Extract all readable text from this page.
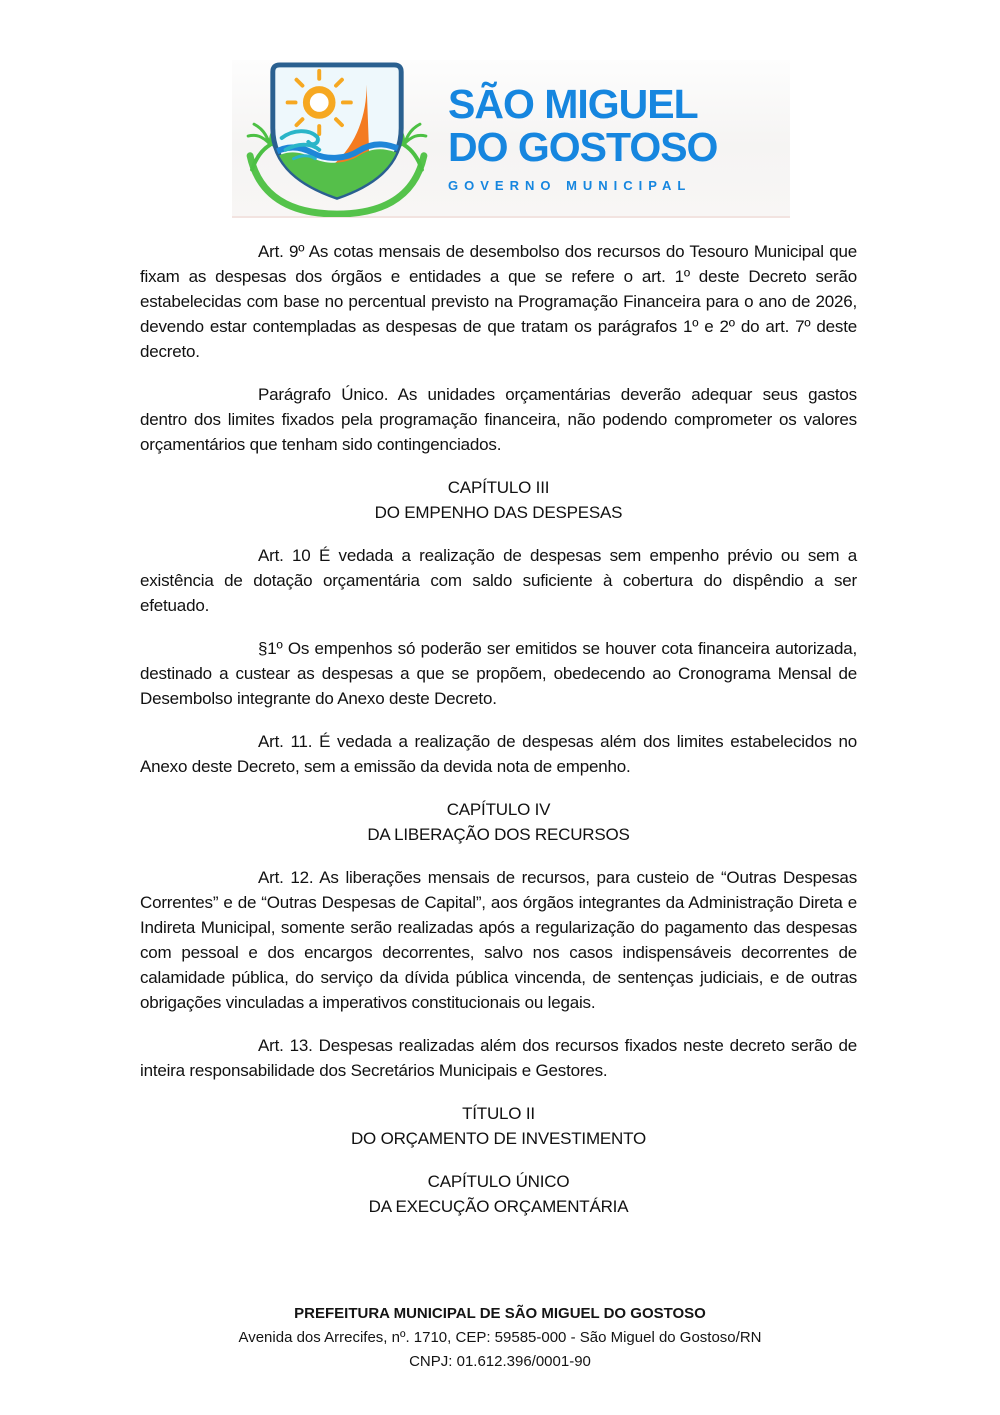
SÃO MIGUEL
DO GOSTOSO
GOVERNO MUNICIPAL

Art. 9º As cotas mensais de desembolso dos recursos do Tesouro Municipal que fixam as despesas dos órgãos e entidades a que se refere o art. 1º deste Decreto serão estabelecidas com base no percentual previsto na Programação Financeira para o ano de 2026, devendo estar contempladas as despesas de que tratam os parágrafos 1º e 2º do art. 7º deste decreto.

Parágrafo Único. As unidades orçamentárias deverão adequar seus gastos dentro dos limites fixados pela programação financeira, não podendo comprometer os valores orçamentários que tenham sido contingenciados.

CAPÍTULO III
DO EMPENHO DAS DESPESAS

Art. 10 É vedada a realização de despesas sem empenho prévio ou sem a existência de dotação orçamentária com saldo suficiente à cobertura do dispêndio a ser efetuado.

§1º Os empenhos só poderão ser emitidos se houver cota financeira autorizada, destinado a custear as despesas a que se propõem, obedecendo ao Cronograma Mensal de Desembolso integrante do Anexo deste Decreto.

Art. 11. É vedada a realização de despesas além dos limites estabelecidos no Anexo deste Decreto, sem a emissão da devida nota de empenho.

CAPÍTULO IV
DA LIBERAÇÃO DOS RECURSOS

Art. 12. As liberações mensais de recursos, para custeio de “Outras Despesas Correntes” e de “Outras Despesas de Capital”, aos órgãos integrantes da Administração Direta e Indireta Municipal, somente serão realizadas após a regularização do pagamento das despesas com pessoal e dos encargos decorrentes, salvo nos casos indispensáveis decorrentes de calamidade pública, do serviço da dívida pública vincenda, de sentenças judiciais, e de outras obrigações vinculadas a imperativos constitucionais ou legais.

Art. 13. Despesas realizadas além dos recursos fixados neste decreto serão de inteira responsabilidade dos Secretários Municipais e Gestores.

TÍTULO II
DO ORÇAMENTO DE INVESTIMENTO
CAPÍTULO ÚNICO
DA EXECUÇÃO ORÇAMENTÁRIA
PREFEITURA MUNICIPAL DE SÃO MIGUEL DO GOSTOSO
Avenida dos Arrecifes, nº. 1710, CEP: 59585-000 - São Miguel do Gostoso/RN
CNPJ: 01.612.396/0001-90
